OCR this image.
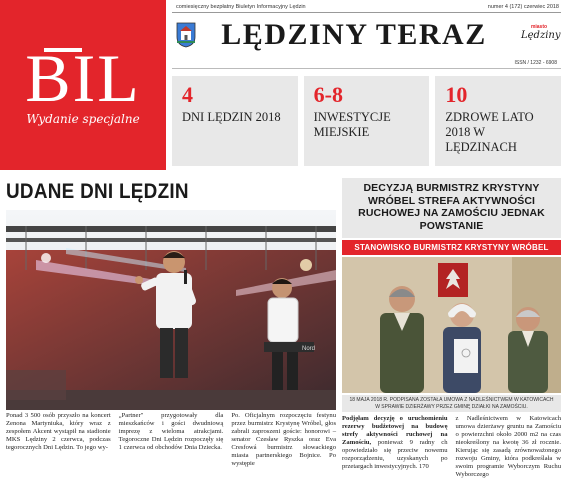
BIL
Wydanie specjalne
comiesięczny bezpłatny Biuletyn Informacyjny Lędzin	numer 4 (172) czerwiec 2018
LĘDZINY TERAZ	miasto
Lędziny
ISSN / 1232 - 6908
4
DNI LĘDZIN 2018
6-8
INWESTYCJE MIEJSKIE
10
ZDROWE LATO 2018 W LĘDZINACH
UDANE DNI LĘDZIN
Nord
Ponad 3 500 osób przyszło na koncert Zenona Martyniuka, który wraz z zespołem Akcent wystąpił na stadionie MKS Lędziny 2 czerwca, podczas tegorocznych Dni Lędzin. To jego wy-
„Partner" przygotowały dla mieszkańców i gości dwudniową imprezę z wieloma atrakcjami. Tegoroczne Dni Lędzin rozpoczęły się 1 czerwca od obchodów Dnia Dziecka.
Po. Oficjalnym rozpoczęciu festynu przez burmistrz Krystynę Wróbel, głos zabrali zaproszeni goście: honorowi – senator Czesław Ryszka oraz Eva Cresfowá burmistrz słowackiego miasta partnerskiego Bojnice. Po występie
DECYZJĄ BURMISTRZ KRYSTYNY WRÓBEL STREFA AKTYWNOŚCI RUCHOWEJ NA ZAMOŚCIU JEDNAK POWSTANIE
STANOWISKO BURMISTRZ KRYSTYNY WRÓBEL
18 MAJA 2018 R. PODPISANA ZOSTAŁA UMOWA Z NADLEŚNICTWEM W KATOWICACH W SPRAWIE DZIERŻAWY PRZEZ GMINĘ DZIAŁKI NA ZAMOŚCIU.
Podjęłam decyzję o uruchomieniu rezerwy budżetowej na budowę strefy aktywności ruchowej na Zamościu, ponieważ 9 radny ch opowiedziało się przeciw nowemu rozporządzeniu, uzyskanych po przetargach inwestycyjnych. 170
z Nadleśnictwem w Katowicach umowa dzierżawy gruntu na Zamościu o powierzchni około 2000 m2 na czas nieokreślony na kwotę 36 zł rocznie. Kierując się zasadą zrównoważonego rozwoju Gminy, która podkreślała w swoim programie Wyborczym Ruchu Wyborczego
